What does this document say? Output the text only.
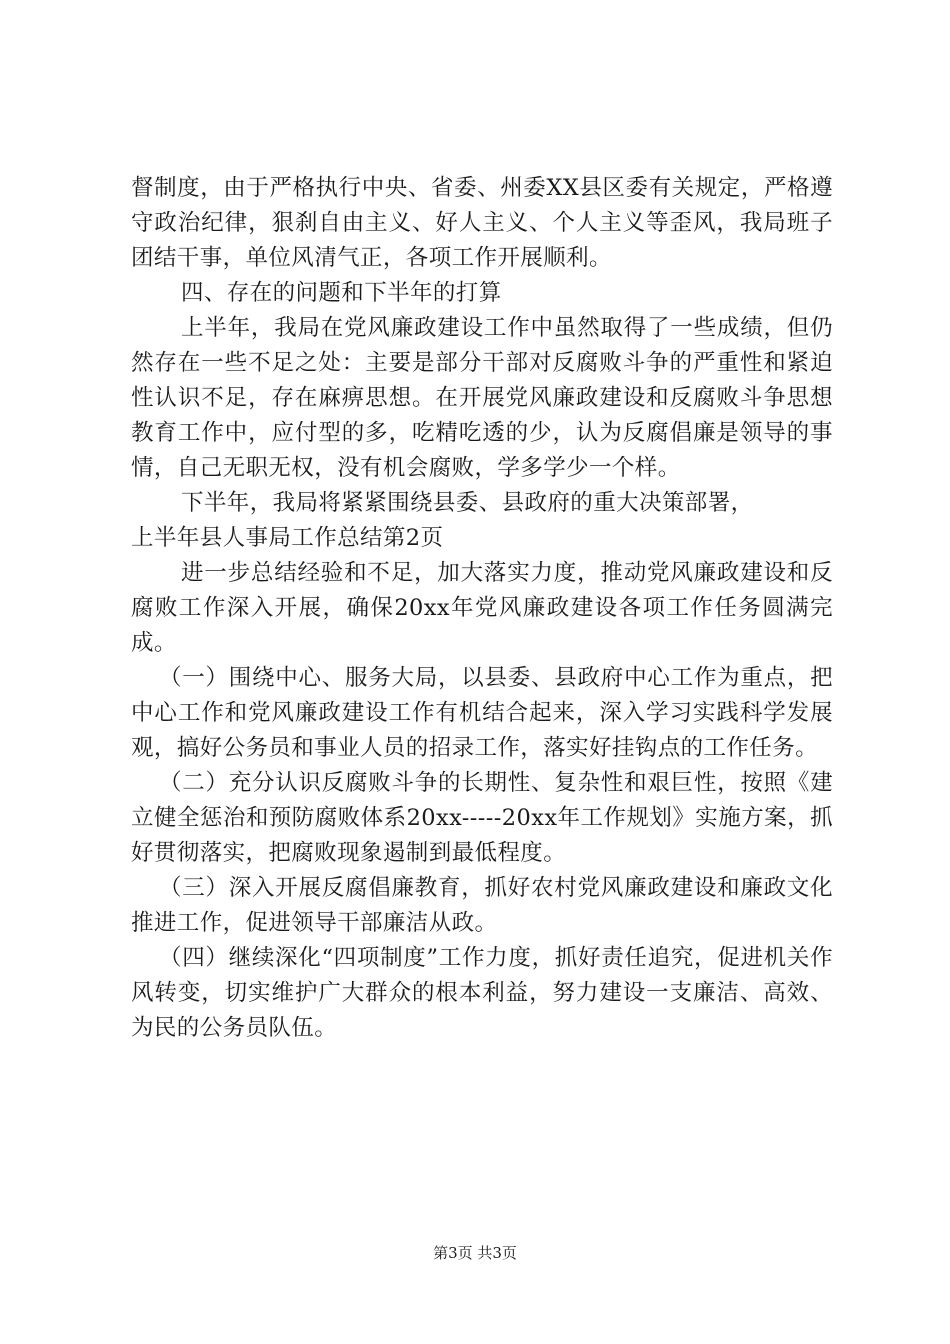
督制度，由于严格执行中央、省委、州委XX县区委有关规定，严格遵守政治纪律，狠刹自由主义、好人主义、个人主义等歪风，我局班子团结干事，单位风清气正，各项工作开展顺利。

四、存在的问题和下半年的打算

上半年，我局在党风廉政建设工作中虽然取得了一些成绩，但仍然存在一些不足之处：主要是部分干部对反腐败斗争的严重性和紧迫性认识不足，存在麻痹思想。在开展党风廉政建设和反腐败斗争思想教育工作中，应付型的多，吃精吃透的少，认为反腐倡廉是领导的事情，自己无职无权，没有机会腐败，学多学少一个样。

下半年，我局将紧紧围绕县委、县政府的重大决策部署，

上半年县人事局工作总结第2页

进一步总结经验和不足，加大落实力度，推动党风廉政建设和反腐败工作深入开展，确保20xx年党风廉政建设各项工作任务圆满完成。

（一）围绕中心、服务大局，以县委、县政府中心工作为重点，把中心工作和党风廉政建设工作有机结合起来，深入学习实践科学发展观，搞好公务员和事业人员的招录工作，落实好挂钩点的工作任务。

（二）充分认识反腐败斗争的长期性、复杂性和艰巨性，按照《建立健全惩治和预防腐败体系20xx-----20xx年工作规划》实施方案，抓好贯彻落实，把腐败现象遏制到最低程度。

（三）深入开展反腐倡廉教育，抓好农村党风廉政建设和廉政文化推进工作，促进领导干部廉洁从政。

（四）继续深化“四项制度”工作力度，抓好责任追究，促进机关作风转变，切实维护广大群众的根本利益，努力建设一支廉洁、高效、为民的公务员队伍。

第3页 共3页
